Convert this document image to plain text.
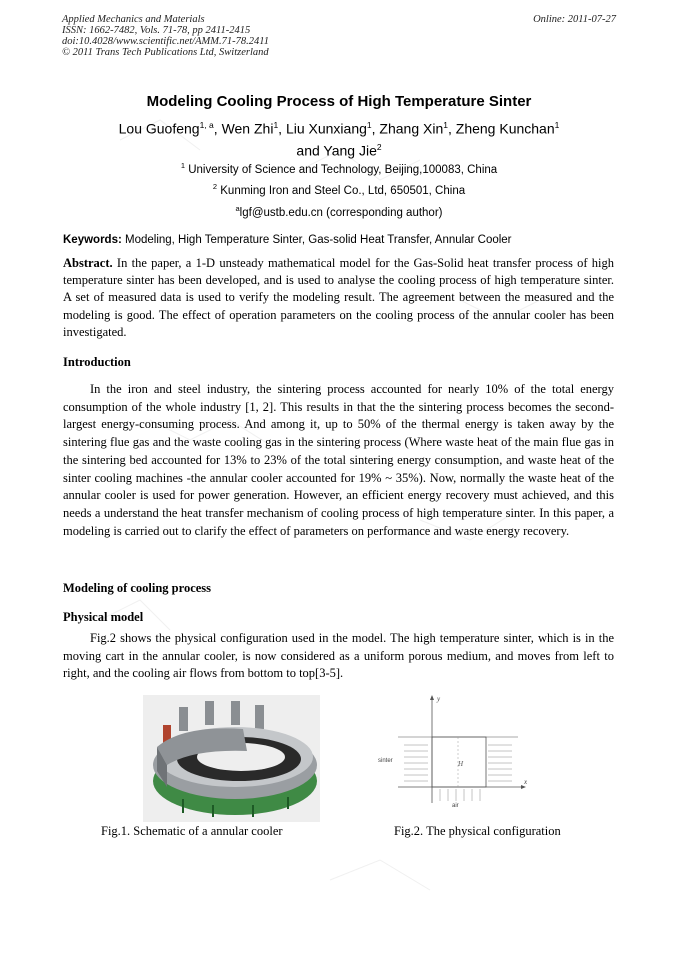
Applied Mechanics and Materials
ISSN: 1662-7482, Vols. 71-78, pp 2411-2415
doi:10.4028/www.scientific.net/AMM.71-78.2411
© 2011 Trans Tech Publications Ltd, Switzerland
Online: 2011-07-27
Modeling Cooling Process of High Temperature Sinter
Lou Guofeng$^{1, a}$, Wen Zhi$^1$, Liu Xunxiang$^1$, Zhang Xin$^1$, Zheng Kunchan$^1$
and Yang Jie$^2$
$^1$ University of Science and Technology, Beijing,100083, China
$^2$ Kunming Iron and Steel Co., Ltd, 650501, China
$^a$lgf@ustb.edu.cn (corresponding author)
Keywords: Modeling, High Temperature Sinter, Gas-solid Heat Transfer, Annular Cooler
Abstract. In the paper, a 1-D unsteady mathematical model for the Gas-Solid heat transfer process of high temperature sinter has been developed, and is used to analyse the cooling process of high temperature sinter. A set of measured data is used to verify the modeling result. The agreement between the measured and the modeling is good. The effect of operation parameters on the cooling process of the annular cooler has been investigated.
Introduction
In the iron and steel industry, the sintering process accounted for nearly 10% of the total energy consumption of the whole industry [1, 2]. This results in that the the sintering process becomes the second-largest energy-consuming process. And among it, up to 50% of the thermal energy is taken away by the sintering flue gas and the waste cooling gas in the sintering process (Where waste heat of the main flue gas in the sintering bed accounted for 13% to 23% of the total sintering energy consumption, and waste heat of the sinter cooling machines -the annular cooler accounted for 19% ~ 35%). Now, normally the waste heat of the annular cooler is used for power generation. However, an efficient energy recovery must achieved, and this needs a understand the heat transfer mechanism of cooling process of high temperature sinter. In this paper, a modeling is carried out to clarify the effect of parameters on performance and waste energy recovery.
Modeling of cooling process
Physical model
Fig.2 shows the physical configuration used in the model. The high temperature sinter, which is in the moving cart in the annular cooler, is now considered as a uniform porous medium, and moves from left to right, and the cooling air flows from bottom to top[3-5].
y
x
H
sinter
air
Fig.1. Schematic of a annular cooler	Fig.2. The physical configuration
